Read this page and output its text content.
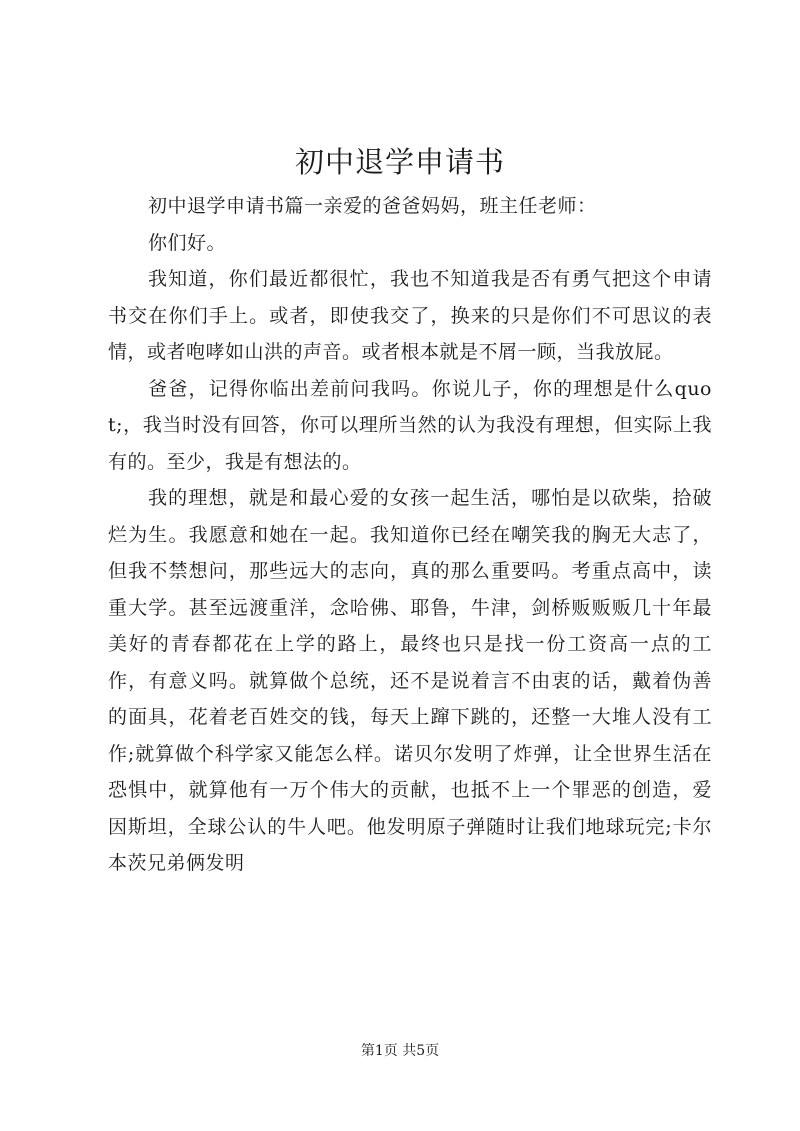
初中退学申请书

初中退学申请书篇一亲爱的爸爸妈妈，班主任老师：

你们好。

我知道，你们最近都很忙，我也不知道我是否有勇气把这个申请书交在你们手上。或者，即使我交了，换来的只是你们不可思议的表情，或者咆哮如山洪的声音。或者根本就是不屑一顾，当我放屁。

爸爸，记得你临出差前问我吗。你说儿子，你的理想是什么quot;，我当时没有回答，你可以理所当然的认为我没有理想，但实际上我有的。至少，我是有想法的。

我的理想，就是和最心爱的女孩一起生活，哪怕是以砍柴，拾破烂为生。我愿意和她在一起。我知道你已经在嘲笑我的胸无大志了，但我不禁想问，那些远大的志向，真的那么重要吗。考重点高中，读重大学。甚至远渡重洋，念哈佛、耶鲁，牛津，剑桥贩贩贩几十年最美好的青春都花在上学的路上，最终也只是找一份工资高一点的工作，有意义吗。就算做个总统，还不是说着言不由衷的话，戴着伪善的面具，花着老百姓交的钱，每天上蹿下跳的，还整一大堆人没有工作;就算做个科学家又能怎么样。诺贝尔发明了炸弹，让全世界生活在恐惧中，就算他有一万个伟大的贡献，也抵不上一个罪恶的创造，爱因斯坦，全球公认的牛人吧。他发明原子弹随时让我们地球玩完;卡尔本茨兄弟俩发明

第1页 共5页
